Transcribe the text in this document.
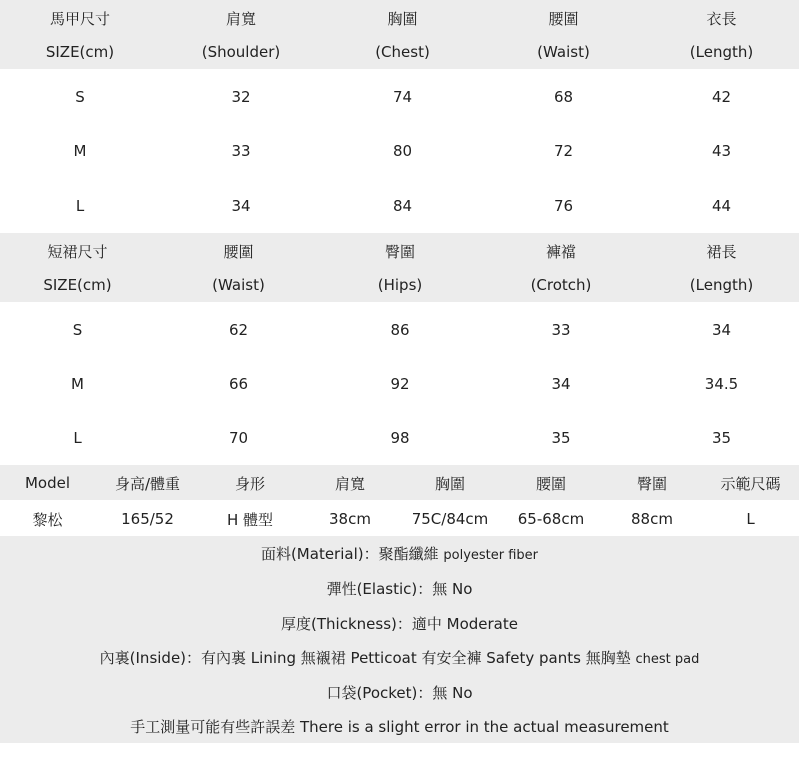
馬甲尺寸	肩寬	胸圍	腰圍	衣長
SIZE(cm)	(Shoulder)	(Chest)	(Waist)	(Length)
S	32	74	68	42
M	33	80	72	43
L	34	84	76	44
短裙尺寸	腰圍	臀圍	褲襠	裙長
SIZE(cm)	(Waist)	(Hips)	(Crotch)	(Length)
S	62	86	33	34
M	66	92	34	34.5
L	70	98	35	35
Model	身高/體重	身形	肩寬	胸圍	腰圍	臀圍	示範尺碼
黎松	165/52	H 體型	38cm	75C/84cm	65-68cm	88cm	L
面料(Material)：聚酯纖維 polyester fiber
彈性(Elastic)：無 No
厚度(Thickness)：適中 Moderate
內裏(Inside)：有內裏 Lining 無襯裙 Petticoat 有安全褲 Safety pants 無胸墊 chest pad
口袋(Pocket)：無 No
手工測量可能有些許誤差 There is a slight error in the actual measurement
